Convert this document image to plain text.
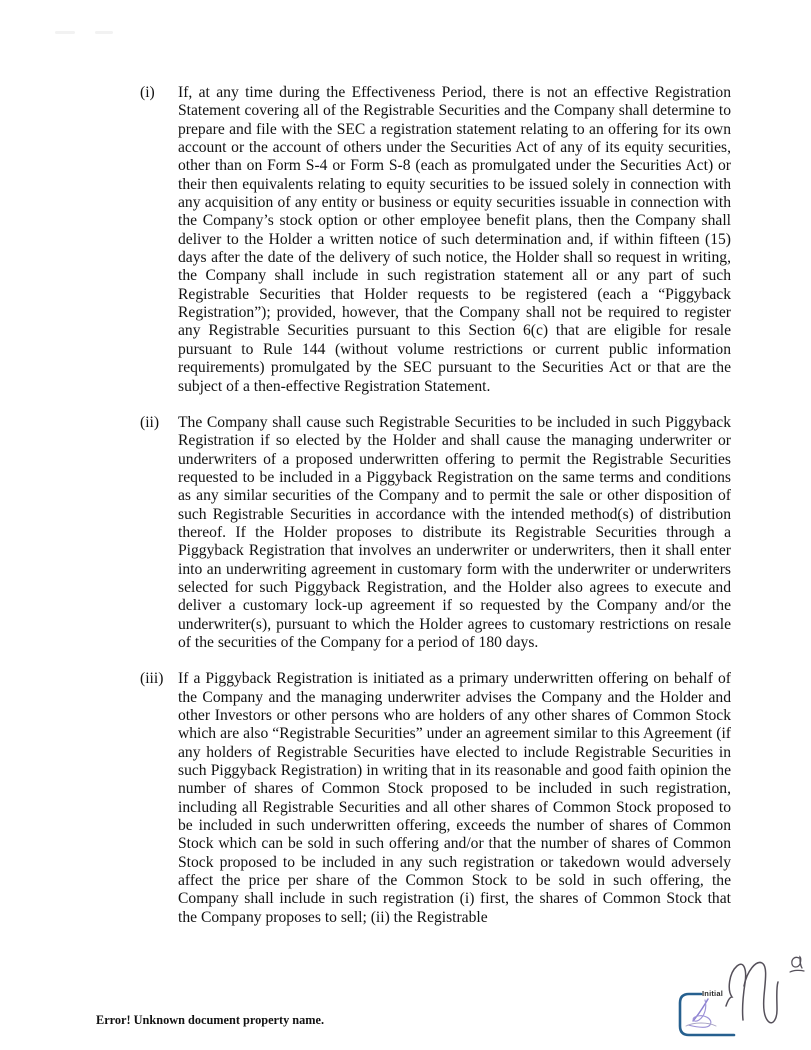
(i)	If, at any time during the Effectiveness Period, there is not an effective Registration Statement covering all of the Registrable Securities and the Company shall determine to prepare and file with the SEC a registration statement relating to an offering for its own account or the account of others under the Securities Act of any of its equity securities, other than on Form S-4 or Form S-8 (each as promulgated under the Securities Act) or their then equivalents relating to equity securities to be issued solely in connection with any acquisition of any entity or business or equity securities issuable in connection with the Company’s stock option or other employee benefit plans, then the Company shall deliver to the Holder a written notice of such determination and, if within fifteen (15) days after the date of the delivery of such notice, the Holder shall so request in writing, the Company shall include in such registration statement all or any part of such Registrable Securities that Holder requests to be registered (each a “Piggyback Registration”); provided, however, that the Company shall not be required to register any Registrable Securities pursuant to this Section 6(c) that are eligible for resale pursuant to Rule 144 (without volume restrictions or current public information requirements) promulgated by the SEC pursuant to the Securities Act or that are the subject of a then-effective Registration Statement.
(ii)	The Company shall cause such Registrable Securities to be included in such Piggyback Registration if so elected by the Holder and shall cause the managing underwriter or underwriters of a proposed underwritten offering to permit the Registrable Securities requested to be included in a Piggyback Registration on the same terms and conditions as any similar securities of the Company and to permit the sale or other disposition of such Registrable Securities in accordance with the intended method(s) of distribution thereof. If the Holder proposes to distribute its Registrable Securities through a Piggyback Registration that involves an underwriter or underwriters, then it shall enter into an underwriting agreement in customary form with the underwriter or underwriters selected for such Piggyback Registration, and the Holder also agrees to execute and deliver a customary lock-up agreement if so requested by the Company and/or the underwriter(s), pursuant to which the Holder agrees to customary restrictions on resale of the securities of the Company for a period of 180 days.
(iii) If a Piggyback Registration is initiated as a primary underwritten offering on behalf of the Company and the managing underwriter advises the Company and the Holder and other Investors or other persons who are holders of any other shares of Common Stock which are also “Registrable Securities” under an agreement similar to this Agreement (if any holders of Registrable Securities have elected to include Registrable Securities in such Piggyback Registration) in writing that in its reasonable and good faith opinion the number of shares of Common Stock proposed to be included in such registration, including all Registrable Securities and all other shares of Common Stock proposed to be included in such underwritten offering, exceeds the number of shares of Common Stock which can be sold in such offering and/or that the number of shares of Common Stock proposed to be included in any such registration or takedown would adversely affect the price per share of the Common Stock to be sold in such offering, the Company shall include in such registration (i) first, the shares of Common Stock that the Company proposes to sell; (ii) the Registrable
Error! Unknown document property name.
Initial
